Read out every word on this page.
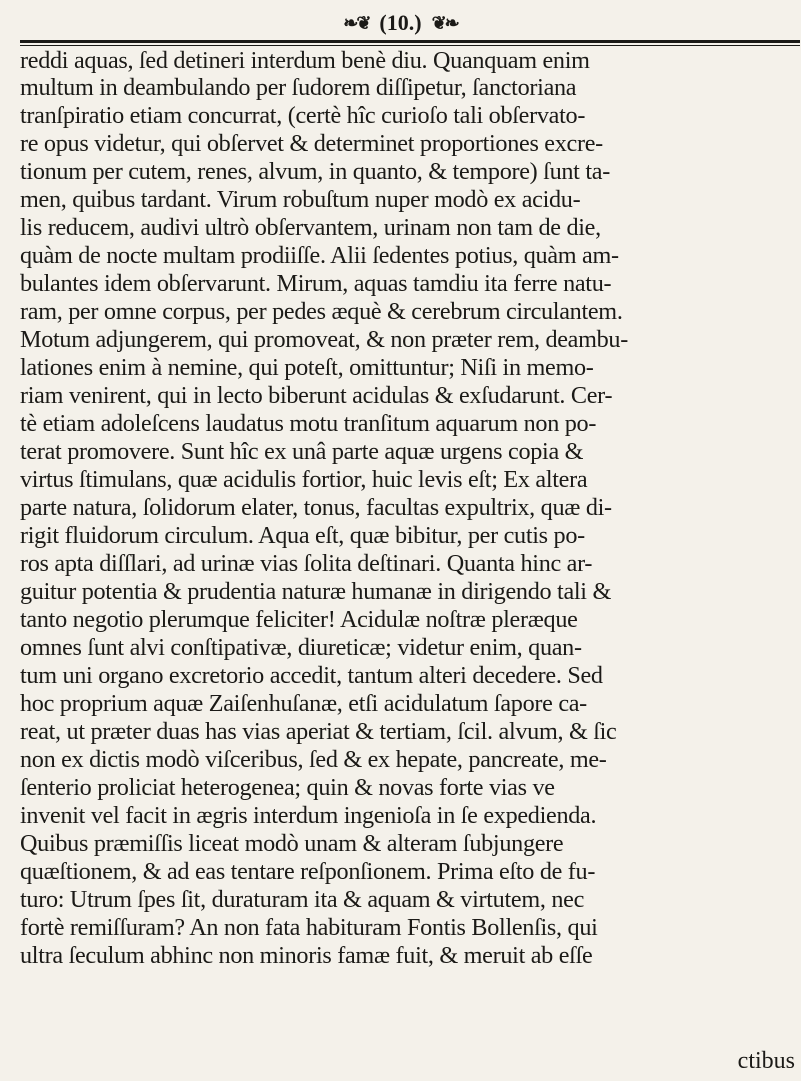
❧❦ (10.) ❦❧
reddi aquas, ſed detineri interdum benè diu. Quanquam enim
multum in deambulando per ſudorem diſſipetur, ſanctoriana
tranſpiratio etiam concurrat, (certè hîc curioſo tali obſervato-
re opus videtur, qui obſervet & determinet proportiones excre-
tionum per cutem, renes, alvum, in quanto, & tempore) ſunt ta-
men, quibus tardant. Virum robuſtum nuper modò ex acidu-
lis reducem, audivi ultrò obſervantem, urinam non tam de die,
quàm de nocte multam prodiiſſe. Alii ſedentes potius, quàm am-
bulantes idem obſervarunt. Mirum, aquas tamdiu ita ferre natu-
ram, per omne corpus, per pedes æquè & cerebrum circulantem.
Motum adjungerem, qui promoveat, & non præter rem, deambu-
lationes enim à nemine, qui poteſt, omittuntur; Niſi in memo-
riam venirent, qui in lecto biberunt acidulas & exſudarunt. Cer-
tè etiam adoleſcens laudatus motu tranſitum aquarum non po-
terat promovere. Sunt hîc ex unâ parte aquæ urgens copia &
virtus ſtimulans, quæ acidulis fortior, huic levis eſt; Ex altera
parte natura, ſolidorum elater, tonus, facultas expultrix, quæ di-
rigit fluidorum circulum. Aqua eſt, quæ bibitur, per cutis po-
ros apta diſſlari, ad urinæ vias ſolita deſtinari. Quanta hinc ar-
guitur potentia & prudentia naturæ humanæ in dirigendo tali &
tanto negotio plerumque feliciter! Acidulæ noſtræ pleræque
omnes ſunt alvi conſtipativæ, diureticæ; videtur enim, quan-
tum uni organo excretorio accedit, tantum alteri decedere. Sed
hoc proprium aquæ Zaiſenhuſanæ, etſi acidulatum ſapore ca-
reat, ut præter duas has vias aperiat & tertiam, ſcil. alvum, & ſic
non ex dictis modò viſceribus, ſed & ex hepate, pancreate, me-
ſenterio proliciat heterogenea; quin & novas forte vias ve
invenit vel facit in ægris interdum ingenioſa in ſe expedienda.
Quibus præmiſſis liceat modò unam & alteram ſubjungere
quæſtionem, & ad eas tentare reſponſionem. Prima eſto de fu-
turo: Utrum ſpes ſit, duraturam ita & aquam & virtutem, nec
fortè remiſſuram? An non fata habituram Fontis Bollenſis, qui
ultra ſeculum abhinc non minoris famæ fuit, & meruit ab eſſe
ctibus
